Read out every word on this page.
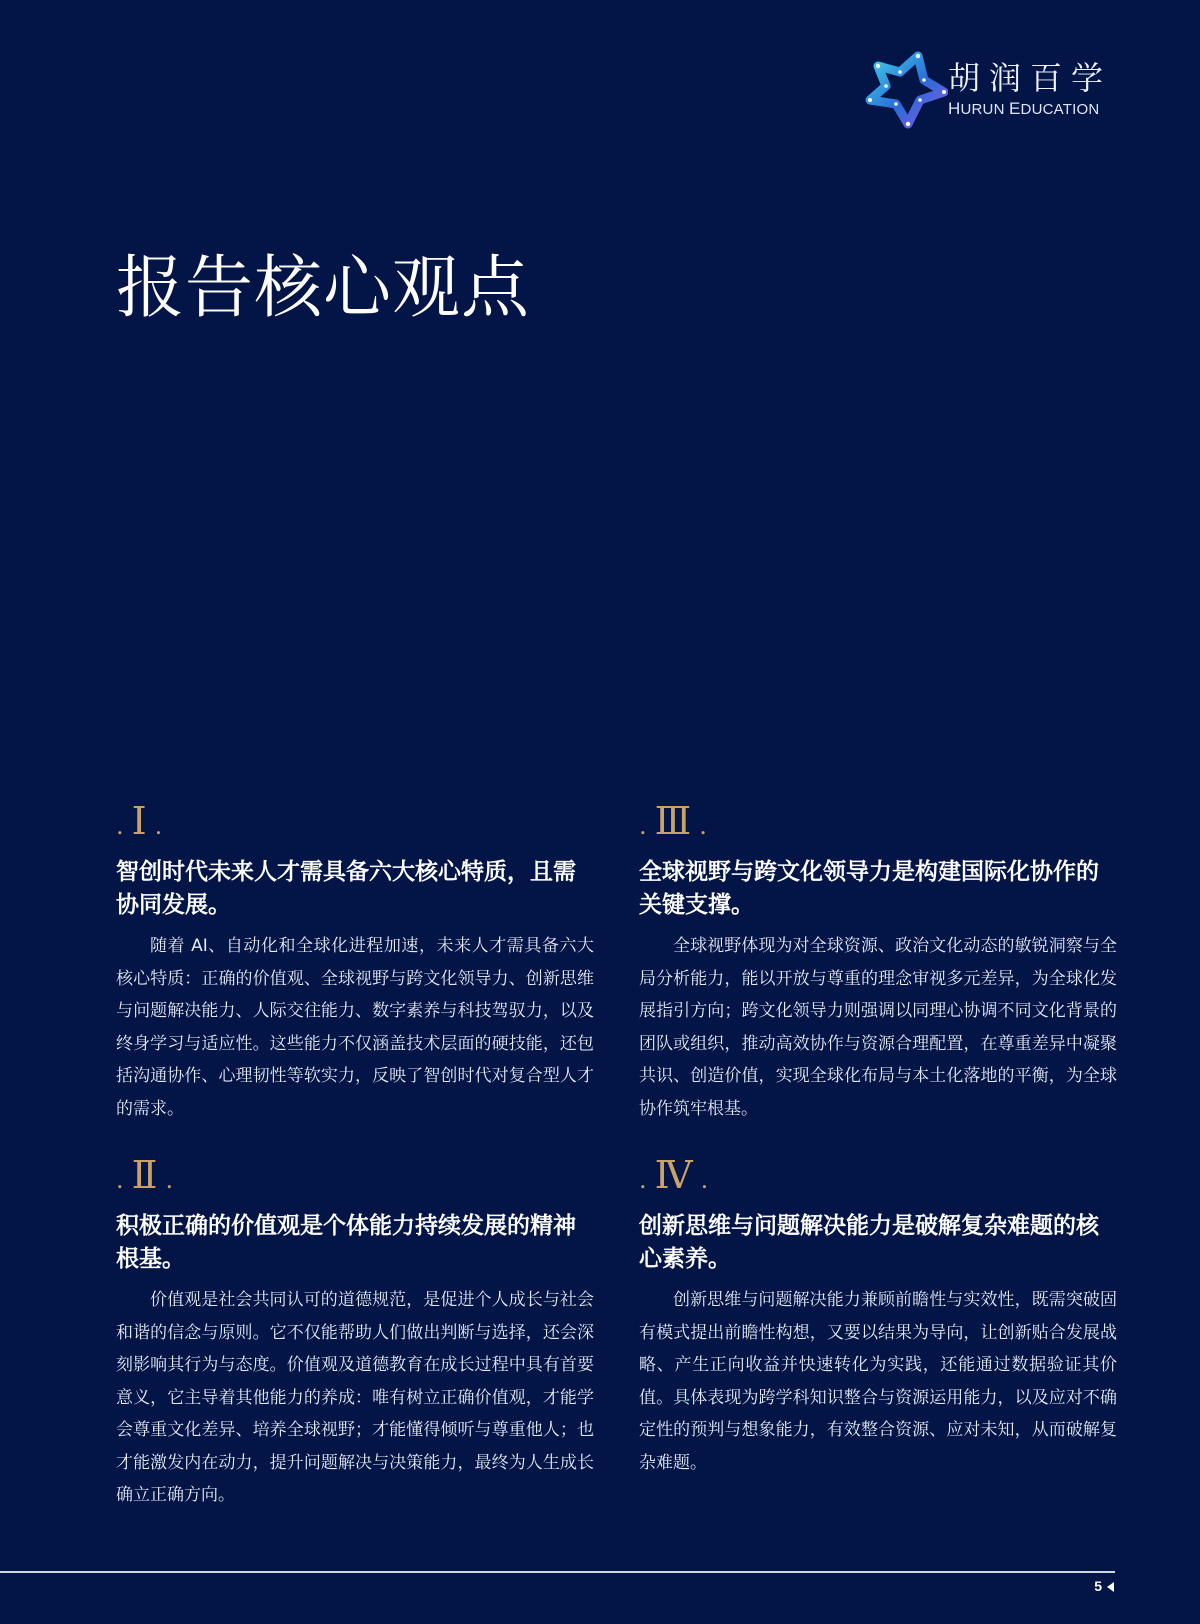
胡润百学
HURUN EDUCATION
报告核心观点
. Ⅰ .
智创时代未来人才需具备六大核心特质，且需协同发展。

随着 AI、自动化和全球化进程加速，未来人才需具备六大核心特质：正确的价值观、全球视野与跨文化领导力、创新思维与问题解决能力、人际交往能力、数字素养与科技驾驭力，以及终身学习与适应性。这些能力不仅涵盖技术层面的硬技能，还包括沟通协作、心理韧性等软实力，反映了智创时代对复合型人才的需求。

. Ⅲ .
全球视野与跨文化领导力是构建国际化协作的关键支撑。

全球视野体现为对全球资源、政治文化动态的敏锐洞察与全局分析能力，能以开放与尊重的理念审视多元差异，为全球化发展指引方向；跨文化领导力则强调以同理心协调不同文化背景的团队或组织，推动高效协作与资源合理配置，在尊重差异中凝聚共识、创造价值，实现全球化布局与本土化落地的平衡，为全球协作筑牢根基。

. Ⅱ .
积极正确的价值观是个体能力持续发展的精神根基。

价值观是社会共同认可的道德规范，是促进个人成长与社会和谐的信念与原则。它不仅能帮助人们做出判断与选择，还会深刻影响其行为与态度。价值观及道德教育在成长过程中具有首要意义，它主导着其他能力的养成：唯有树立正确价值观，才能学会尊重文化差异、培养全球视野；才能懂得倾听与尊重他人；也才能激发内在动力，提升问题解决与决策能力，最终为人生成长确立正确方向。

. Ⅳ .
创新思维与问题解决能力是破解复杂难题的核心素养。

创新思维与问题解决能力兼顾前瞻性与实效性，既需突破固有模式提出前瞻性构想，又要以结果为导向，让创新贴合发展战略、产生正向收益并快速转化为实践，还能通过数据验证其价值。具体表现为跨学科知识整合与资源运用能力，以及应对不确定性的预判与想象能力，有效整合资源、应对未知，从而破解复杂难题。

5
